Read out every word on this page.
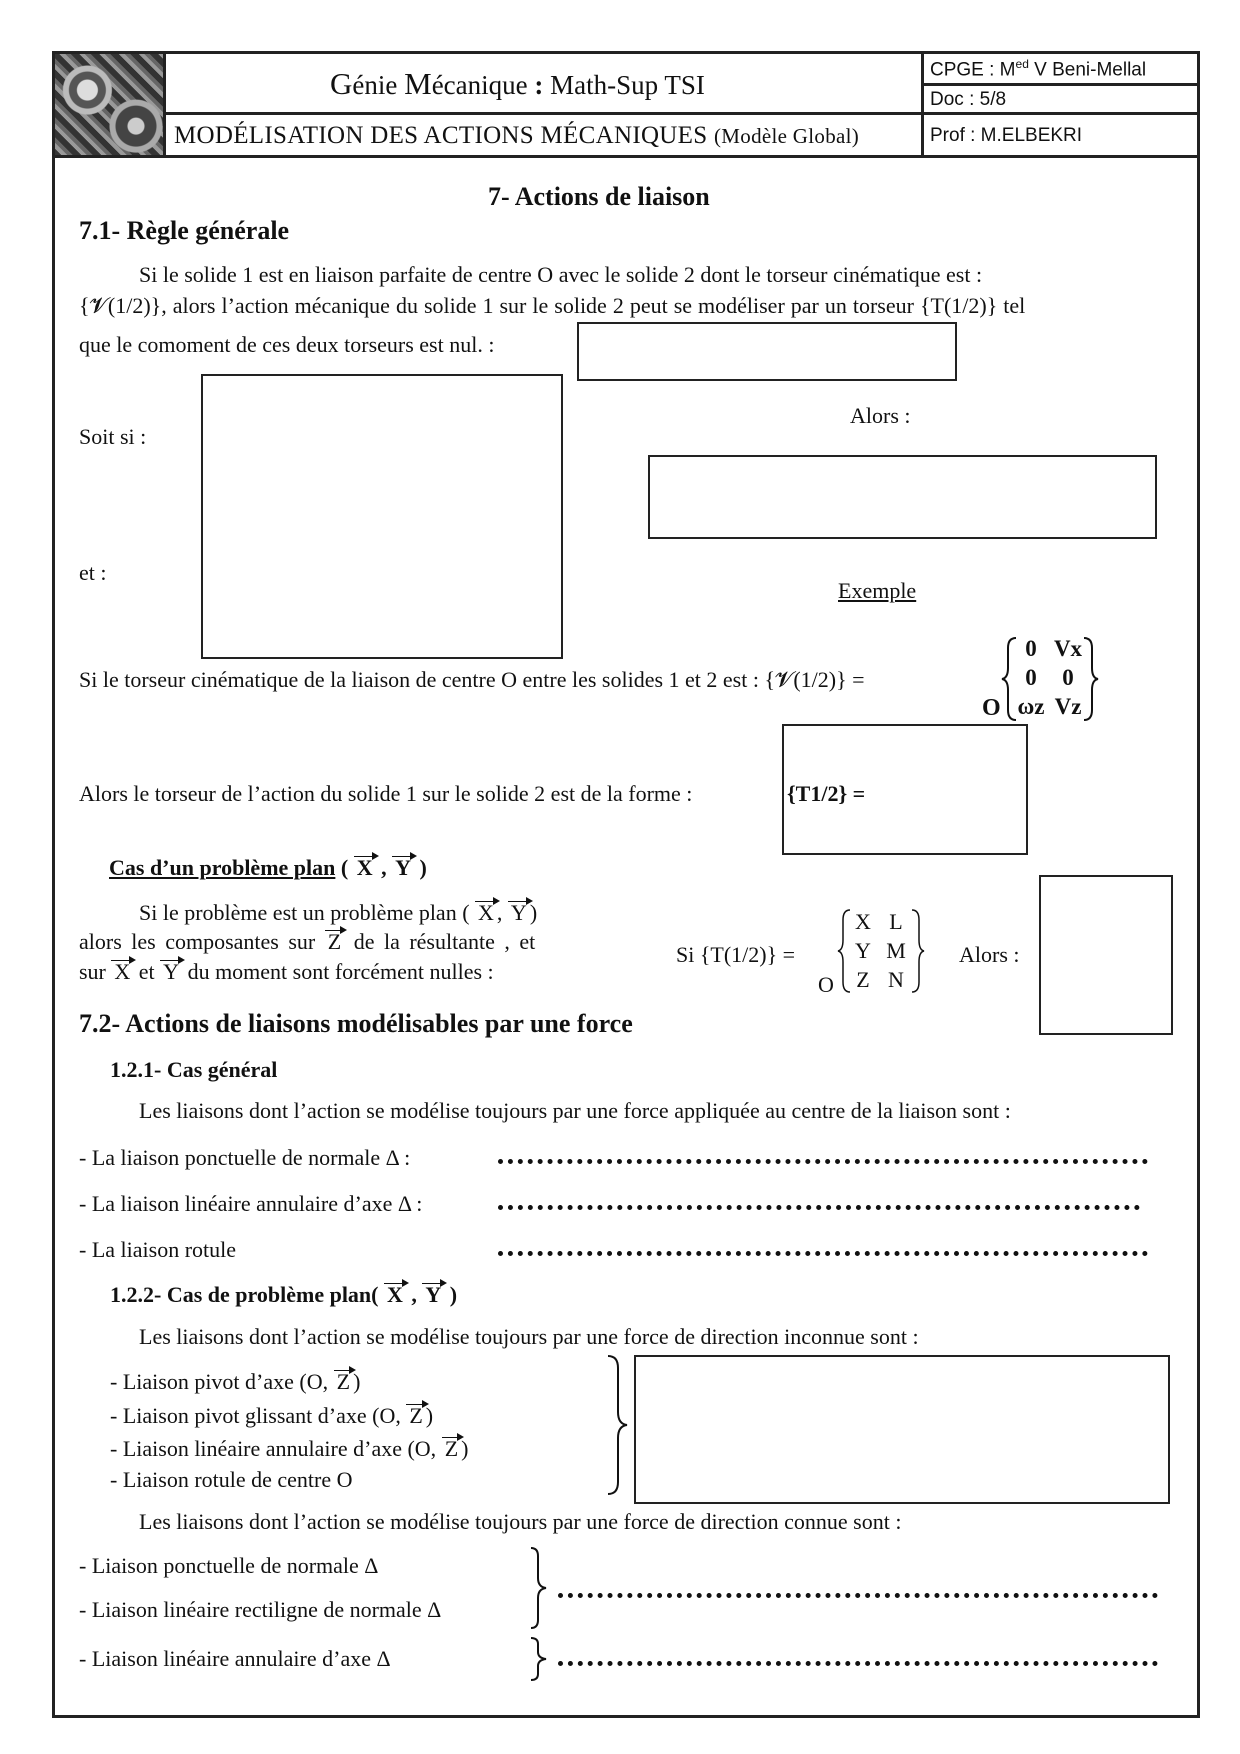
Génie Mécanique : Math-Sup TSI
MODÉLISATION DES ACTIONS MÉCANIQUES (Modèle Global)
CPGE : $M^{ed}$ V Beni-Mellal
Doc : 5/8
Prof : M.ELBEKRI
7- Actions de liaison
7.1- Règle générale
Si le solide 1 est en liaison parfaite de centre O avec le solide 2 dont le torseur cinématique est :
{𝓥(1/2)}, alors l’action mécanique du solide 1 sur le solide 2 peut se modéliser par un torseur {T(1/2)} tel
que le comoment de ces deux torseurs est nul. :
Soit si :
et :
Alors :
Exemple
Si le torseur cinématique de la liaison de centre O entre les solides 1 et 2 est : {𝓥(1/2)} =
O
0 Vx
0	0
ωz Vz
Alors le torseur de l’action du solide 1 sur le solide 2 est de la forme :	{T1/2} =
Cas d’un problème plan ( X , Y )
Si le problème est un problème plan ( X , Y )
alors les composantes sur Z de la résultante , et
sur X et Y du moment sont forcément nulles :
Si {T(1/2)} =
O
X L
Y M
Z N
Alors :
7.2- Actions de liaisons modélisables par une force
1.2.1- Cas général
Les liaisons dont l’action se modélise toujours par une force appliquée au centre de la liaison sont :
- La liaison ponctuelle de normale Δ :
- La liaison linéaire annulaire d’axe Δ :
- La liaison rotule
1.2.2- Cas de problème plan( X , Y )
Les liaisons dont l’action se modélise toujours par une force de direction inconnue sont :
- Liaison pivot d’axe (O, Z )
- Liaison pivot glissant d’axe (O, Z )
- Liaison linéaire annulaire d’axe (O, Z )
- Liaison rotule de centre O
Les liaisons dont l’action se modélise toujours par une force de direction connue sont :
- Liaison ponctuelle de normale Δ
- Liaison linéaire rectiligne de normale Δ
- Liaison linéaire annulaire d’axe Δ
